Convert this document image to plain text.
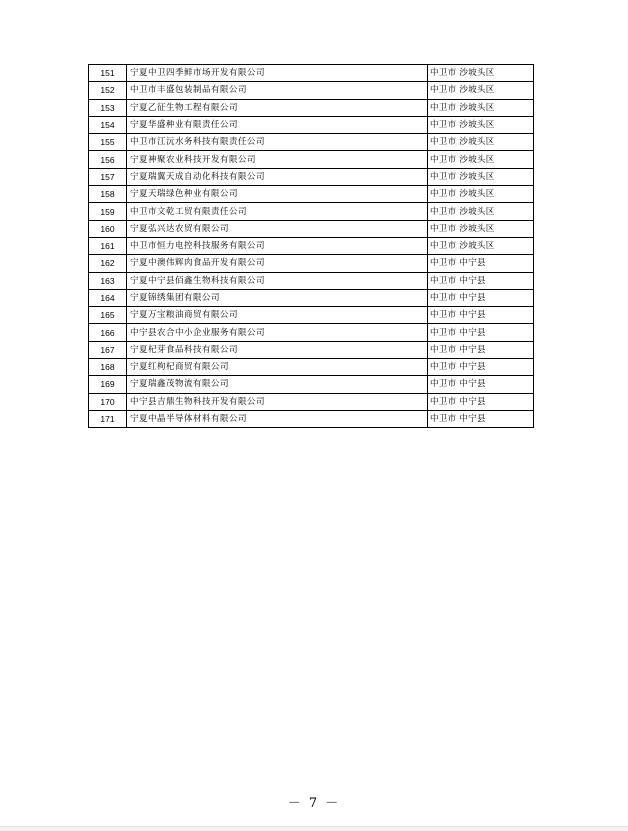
151	宁夏中卫四季鲜市场开发有限公司	中卫市 沙坡头区
152	中卫市丰盛包装制品有限公司	中卫市 沙坡头区
153	宁夏乙征生物工程有限公司	中卫市 沙坡头区
154	宁夏华盛种业有限责任公司	中卫市 沙坡头区
155	中卫市江沅水务科技有限责任公司	中卫市 沙坡头区
156	宁夏神聚农业科技开发有限公司	中卫市 沙坡头区
157	宁夏瑞翼天成自动化科技有限公司	中卫市 沙坡头区
158	宁夏天瑞绿色种业有限公司	中卫市 沙坡头区
159	中卫市文乾工贸有限责任公司	中卫市 沙坡头区
160	宁夏弘兴达农贸有限公司	中卫市 沙坡头区
161	中卫市恒力电控科技服务有限公司	中卫市 沙坡头区
162	宁夏中澳伟辉肉食品开发有限公司	中卫市 中宁县
163	宁夏中宁县佰鑫生物科技有限公司	中卫市 中宁县
164	宁夏锦绣集团有限公司	中卫市 中宁县
165	宁夏万宝粮油商贸有限公司	中卫市 中宁县
166	中宁县农合中小企业服务有限公司	中卫市 中宁县
167	宁夏杞芽食品科技有限公司	中卫市 中宁县
168	宁夏红枸杞商贸有限公司	中卫市 中宁县
169	宁夏瑞鑫茂物流有限公司	中卫市 中宁县
170	中宁县吉鼎生物科技开发有限公司	中卫市 中宁县
171	宁夏中晶半导体材料有限公司	中卫市 中宁县
－ 7 －
